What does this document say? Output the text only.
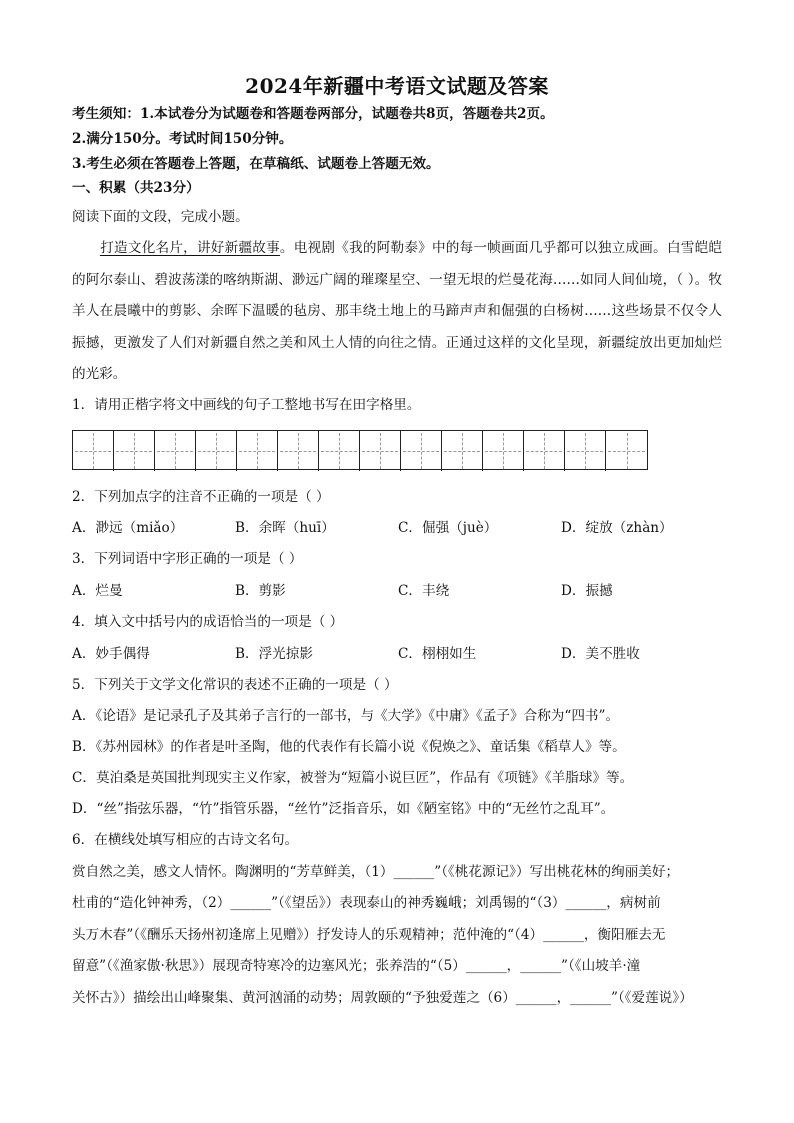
2024年新疆中考语文试题及答案
考生须知：1.本试卷分为试题卷和答题卷两部分，试题卷共8页，答题卷共2页。
2.满分150分。考试时间150分钟。
3.考生必须在答题卷上答题，在草稿纸、试题卷上答题无效。
一、积累（共23分）
阅读下面的文段，完成小题。
打造文化名片，讲好新疆故事。电视剧《我的阿勒泰》中的每一帧画面几乎都可以独立成画。白雪皑皑的阿尔泰山、碧波荡漾的喀纳斯湖、渺远广阔的璀璨星空、一望无垠的烂曼花海……如同人间仙境，（ ）。牧羊人在晨曦中的剪影、余晖下温暖的毡房、那丰绕土地上的马蹄声声和倔强的白杨树……这些场景不仅令人振撼，更激发了人们对新疆自然之美和风土人情的向往之情。正通过这样的文化呈现，新疆绽放出更加灿烂的光彩。
1．请用正楷字将文中画线的句子工整地书写在田字格里。
2．下列加点字的注音不正确的一项是（ ）
A．渺远（miǎo）	B．余晖（huī）	C．倔强（juè）	D．绽放（zhàn）
3．下列词语中字形正确的一项是（ ）
A．烂曼	B．剪影	C．丰绕	D．振撼
4．填入文中括号内的成语恰当的一项是（ ）
A．妙手偶得	B．浮光掠影	C．栩栩如生	D．美不胜收
5．下列关于文学文化常识的表述不正确的一项是（ ）
A．《论语》是记录孔子及其弟子言行的一部书，与《大学》《中庸》《孟子》合称为“四书”。
B．《苏州园林》的作者是叶圣陶，他的代表作有长篇小说《倪焕之》、童话集《稻草人》等。
C．莫泊桑是英国批判现实主义作家，被誉为“短篇小说巨匠”，作品有《项链》《羊脂球》等。
D．“丝”指弦乐器，“竹”指管乐器，“丝竹”泛指音乐，如《陋室铭》中的“无丝竹之乱耳”。
6．在横线处填写相应的古诗文名句。
赏自然之美，感文人情怀。陶渊明的“芳草鲜美，（1）______”（《桃花源记》）写出桃花林的绚丽美好；
杜甫的“造化钟神秀，（2）______”（《望岳》）表现泰山的神秀巍峨；刘禹锡的“（3）______，病树前
头万木春”（《酬乐天扬州初逢席上见赠》）抒发诗人的乐观精神；范仲淹的“（4）______，衡阳雁去无
留意”（《渔家傲·秋思》）展现奇特寒冷的边塞风光；张养浩的“（5）______，______”（《山坡羊·潼
关怀古》）描绘出山峰聚集、黄河汹涌的动势；周敦颐的“予独爱莲之（6）______，______”（《爱莲说》）
